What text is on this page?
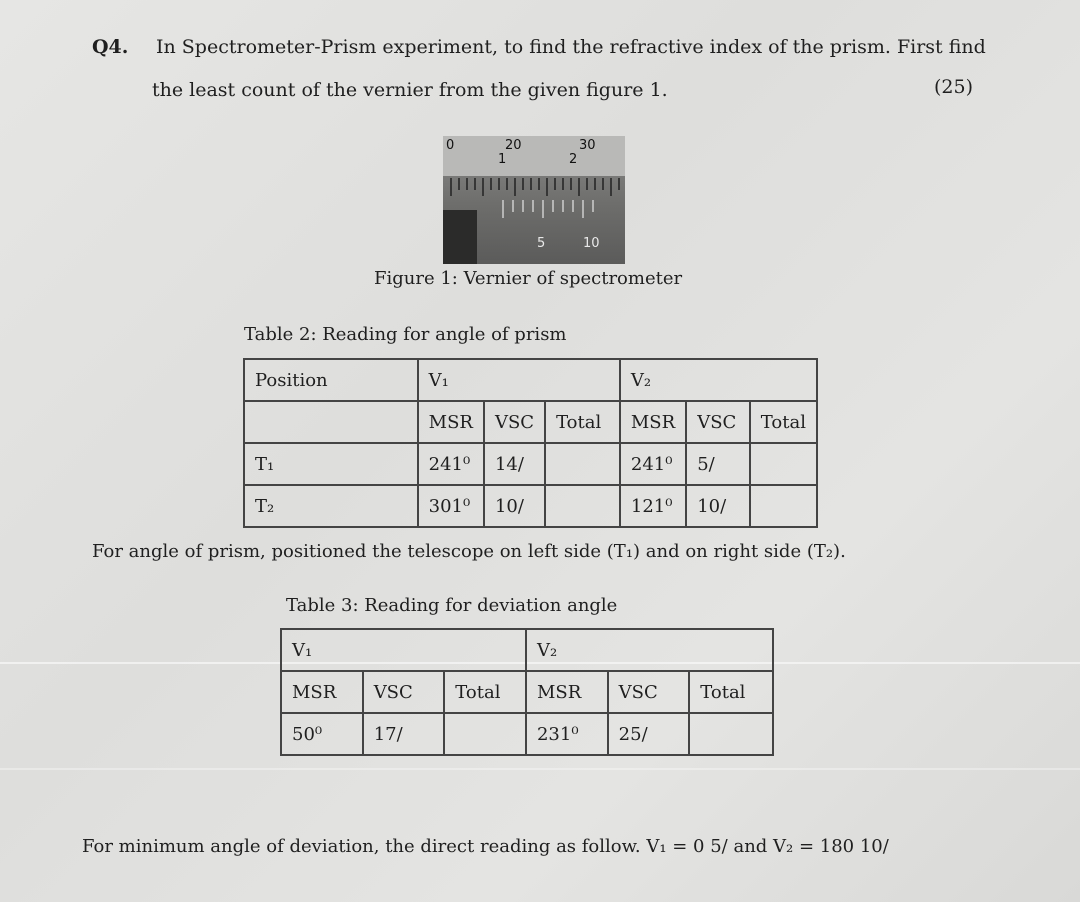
Q4. In Spectrometer-Prism experiment, to find the refractive index of the prism. First find
the least count of the vernier from the given figure 1.	(25)
0	20	30
1	2
5	10
Figure 1: Vernier of spectrometer
Table 2: Reading for angle of prism
Position	V₁			V₂		
	MSR	VSC	Total	MSR	VSC	Total
T₁	241⁰	14/		241⁰	5/	
T₂	301⁰	10/		121⁰	10/	
For angle of prism, positioned the telescope on left side (T₁) and on right side (T₂).
Table 3: Reading for deviation angle
V₁			V₂		
MSR	VSC	Total	MSR	VSC	Total
50⁰	17/		231⁰	25/	
For minimum angle of deviation, the direct reading as follow. V₁ = 0 5/ and V₂ = 180 10/
